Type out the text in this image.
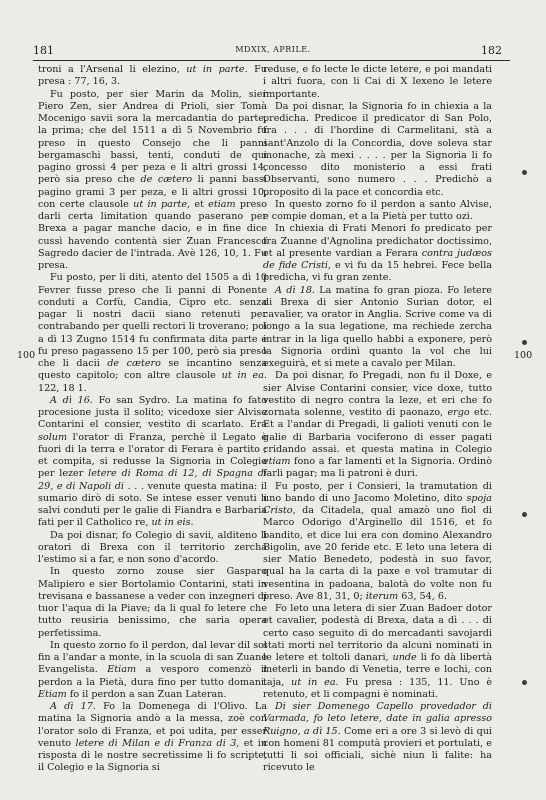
181	MDXIX, APRILE.	182
100	100

troni a l'Arsenal li elezino, ut in parte. Fu presa : 77, 16, 3.

Fu posto, per sier Marin da Molin, sier Piero Zen, sier Andrea di Prioli, sier Tomà Mocenigo savii sora la mercadantia do parte, la prima; che del 1511 a dì 5 Novembrio fu preso in questo Consejo che li panni bergamaschi bassi, tenti, conduti de qui pagino grossi 4 per peza e li altri grossi 14, però sia preso che de cætero li panni bassi pagino grami 3 per peza, e li altri grossi 10, con certe clausole ut in parte, et etiam preso darli certa limitation quando paserano per Brexa a pagar manche dacio, e in fine dice cussì havendo contentà sier Zuan Francesco Sagredo dacier de l'intrada. Avè 126, 10, 1. Fu presa.

Fu posto, per li diti, atento del 1505 a dì 10 Fevrer fusse preso che li panni di Ponente conduti a Corfù, Candia, Cipro etc. senza pagar li nostri dacii siano retenuti per contrabando per quelli rectori li troverano; poi a dì 13 Zugno 1514 fu confirmata dita parte e fu preso pagasseno 15 per 100, però sia preso che li dacii de cætero se incantino senza questo capitolo; con altre clausole ut in ea. 122, 18 1.

A dì 16. Fo san Sydro. La matina fo fato procesione justa il solito; vicedoxe sier Alvise Contarini el consier, vestito di scarlato. Era solum l'orator di Franza, perchè il Legato è fuori di la terra e l'orator di Ferara è partito ; et compita, si redusse la Signoria in Colegio per lezer letere di Roma di 12, di Spagna di 29, e di Napoli di . . . venute questa matina: il sumario dirò di soto. Se intese esser venuti li salvi conduti per le galie di Fiandra e Barbaria fati per il Catholico re, ut in eis.

Da poi disnar, fo Colegio di savii, alditeno li oratori di Brexa con il territorio zercha l'estimo si a far, e non sono d'acordo.

In questo zorno zouse sier Gasparo Malipiero e sier Bortolamio Contarini, stati in trevisana e bassanese a veder con inzegneri di tuor l'aqua di la Piave; da li qual fo letere che tutto reusiria benissimo, che saria opera perfetissima.

In questo zorno fo il perdon, dal levar dil sol fin a l'andar a monte, in la scuola di san Zuane Evangelista. Etiam a vesporo comenzò il perdon a la Pietà, dura fino per tutto domani. Etiam fo il perdon a san Zuan Lateran.

A dì 17. Fo la Domenega di l'Olivo. La matina la Signoria andò a la messa, zoè con l'orator solo di Franza, et poi udita, per esser venuto letere di Milan e di Franza di 3, et in risposta di le nostre secretissime li fo scripte, il Colegio e la Signoria si

reduse, e fo lecte le dicte letere, e poi mandati i altri fuora, con li Cai di X lexeno le letere importante.

Da poi disnar, la Signoria fo in chiexia a la predicha. Predicoe il predicator di San Polo, fra . . . di l'hordine di Carmelitani, stà a sant'Anzolo di la Concordia, dove soleva star monache, zà mexi . . . . per la Signoria li fo concesso dito monisterio a essi frati Observanti, sono numero . . . Predichò a proposito di la pace et concordia etc.

In questo zorno fo il perdon a santo Alvise, e compie doman, et a la Pietà per tutto ozi.

In chiexia di Frati Menori fo predicato per fra Zuanne d'Agnolina predichator doctissimo, et al presente vardian a Ferara contra judæos de fide Cristi, e vi fu da 15 hebrei. Fece bella predicha, vi fu gran zente.

A dì 18. La matina fo gran pioza. Fo letere di Brexa di sier Antonio Surian dotor, el cavalier, va orator in Anglia. Scrive come va di longo a la sua legatione, ma rechiede zercha intrar in la liga quello habbi a exponere, però la Signoria ordinì quanto la vol che lui exeguirà, et si mete a cavalo per Milan.

Da poi disnar, fo Pregadi, non fu il Doxe, e sier Alvise Contarini consier, vice doxe, tutto vestito di negro contra la leze, et eri che fo zornata solenne, vestito di paonazo, ergo etc. Et a l'andar di Pregadi, li galioti venuti con le galie di Barbaria vociferono di esser pagati cridando assai. et questa matina in Colegio etiam fono a far lamenti et la Signoria. Ordinò farli pagar; ma li patroni è duri.

Fu posto, per i Consieri, la tramutation di uno bando di uno Jacomo Moletino, dito spoja Cristo, da Citadela, qual amazò uno fiol di Marco Odorigo d'Arginello dil 1516, et fo bandito, et dice lui era con domino Alexandro Bigolin, ave 20 feride etc. E leto una letera di sier Matio Benedeto, podestà in suo favor, qual ha la carta di la paxe e vol tramutar di vesentina in padoana, balotà do volte non fu preso. Ave 81, 31, 0; iterum 63, 54, 6.

Fo leto una letera di sier Zuan Badoer dotor et cavalier, podestà di Brexa, data a dì . . . di certo caso seguito di do mercadanti savojardi stati morti nel territorio da alcuni nominati in le letere et toltoli danari, unde li fo dà libertà meterli in bando di Venetia, terre e lochi, con taja, ut in ea. Fu presa : 135, 11. Uno è retenuto, et li compagni è nominati.

Di sier Domenego Capello provedador di Varmada, fo leto letere, date in galia apresso Ruigno, a dì 15. Come eri a ore 3 si levò di qui con homeni 81 computà provieri et portulati, e tutti li soi officiali, sichè niun li falite: ha ricevuto le
